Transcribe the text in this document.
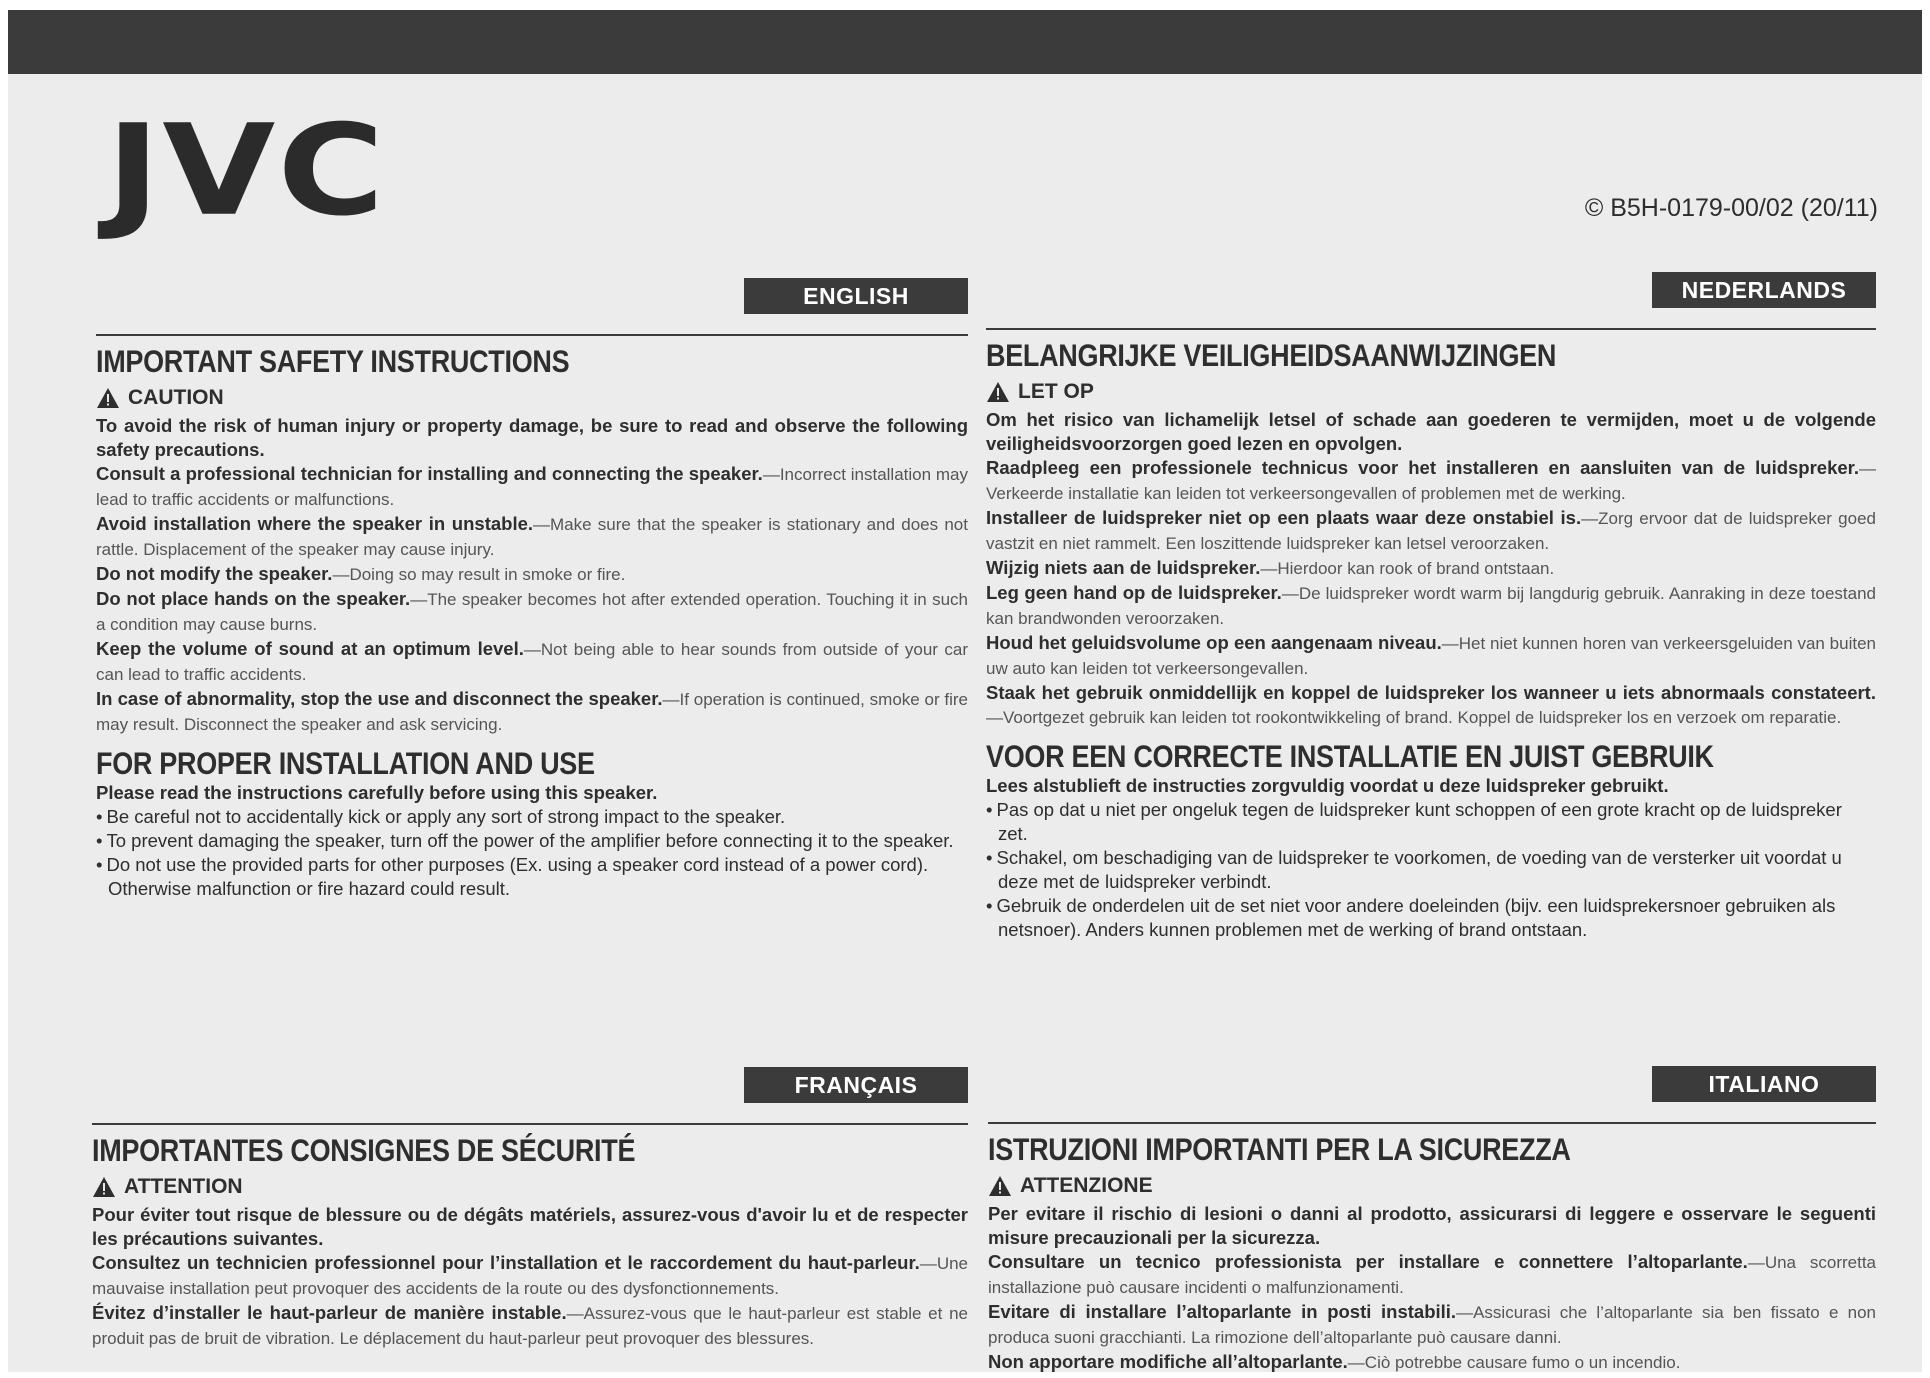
JVC	© B5H-0179-00/02 (20/11)
ENGLISH
IMPORTANT SAFETY INSTRUCTIONS
CAUTION

To avoid the risk of human injury or property damage, be sure to read and observe the following safety precautions.

Consult a professional technician for installing and connecting the speaker.—Incorrect installation may lead to traffic accidents or malfunctions.

Avoid installation where the speaker in unstable.—Make sure that the speaker is stationary and does not rattle. Displacement of the speaker may cause injury.

Do not modify the speaker.—Doing so may result in smoke or fire.

Do not place hands on the speaker.—The speaker becomes hot after extended operation. Touching it in such a condition may cause burns.

Keep the volume of sound at an optimum level.—Not being able to hear sounds from outside of your car can lead to traffic accidents.

In case of abnormality, stop the use and disconnect the speaker.—If operation is continued, smoke or fire may result. Disconnect the speaker and ask servicing.

FOR PROPER INSTALLATION AND USE

Please read the instructions carefully before using this speaker.

• Be careful not to accidentally kick or apply any sort of strong impact to the speaker.
• To prevent damaging the speaker, turn off the power of the amplifier before connecting it to the speaker.
• Do not use the provided parts for other purposes (Ex. using a speaker cord instead of a power cord). Otherwise malfunction or fire hazard could result.
NEDERLANDS
BELANGRIJKE VEILIGHEIDSAANWIJZINGEN
LET OP

Om het risico van lichamelijk letsel of schade aan goederen te vermijden, moet u de volgende veiligheidsvoorzorgen goed lezen en opvolgen.

Raadpleeg een professionele technicus voor het installeren en aansluiten van de luidspreker.—Verkeerde installatie kan leiden tot verkeersongevallen of problemen met de werking.

Installeer de luidspreker niet op een plaats waar deze onstabiel is.—Zorg ervoor dat de luidspreker goed vastzit en niet rammelt. Een loszittende luidspreker kan letsel veroorzaken.

Wijzig niets aan de luidspreker.—Hierdoor kan rook of brand ontstaan.

Leg geen hand op de luidspreker.—De luidspreker wordt warm bij langdurig gebruik. Aanraking in deze toestand kan brandwonden veroorzaken.

Houd het geluidsvolume op een aangenaam niveau.—Het niet kunnen horen van verkeersgeluiden van buiten uw auto kan leiden tot verkeersongevallen.

Staak het gebruik onmiddellijk en koppel de luidspreker los wanneer u iets abnormaals constateert.—Voortgezet gebruik kan leiden tot rookontwikkeling of brand. Koppel de luidspreker los en verzoek om reparatie.

VOOR EEN CORRECTE INSTALLATIE EN JUIST GEBRUIK

Lees alstublieft de instructies zorgvuldig voordat u deze luidspreker gebruikt.

• Pas op dat u niet per ongeluk tegen de luidspreker kunt schoppen of een grote kracht op de luidspreker zet.
• Schakel, om beschadiging van de luidspreker te voorkomen, de voeding van de versterker uit voordat u deze met de luidspreker verbindt.
• Gebruik de onderdelen uit de set niet voor andere doeleinden (bijv. een luidsprekersnoer gebruiken als netsnoer). Anders kunnen problemen met de werking of brand ontstaan.
FRANÇAIS
IMPORTANTES CONSIGNES DE SÉCURITÉ
ATTENTION

Pour éviter tout risque de blessure ou de dégâts matériels, assurez-vous d'avoir lu et de respecter les précautions suivantes.

Consultez un technicien professionnel pour l’installation et le raccordement du haut-parleur.—Une mauvaise installation peut provoquer des accidents de la route ou des dysfonctionnements.

Évitez d’installer le haut-parleur de manière instable.—Assurez-vous que le haut-parleur est stable et ne produit pas de bruit de vibration. Le déplacement du haut-parleur peut provoquer des blessures.

ITALIANO
ISTRUZIONI IMPORTANTI PER LA SICUREZZA
ATTENZIONE

Per evitare il rischio di lesioni o danni al prodotto, assicurarsi di leggere e osservare le seguenti misure precauzionali per la sicurezza.

Consultare un tecnico professionista per installare e connettere l’altoparlante.—Una scorretta installazione può causare incidenti o malfunzionamenti.

Evitare di installare l’altoparlante in posti instabili.—Assicurasi che l’altoparlante sia ben fissato e non produca suoni gracchianti. La rimozione dell’altoparlante può causare danni.

Non apportare modifiche all’altoparlante.—Ciò potrebbe causare fumo o un incendio.
